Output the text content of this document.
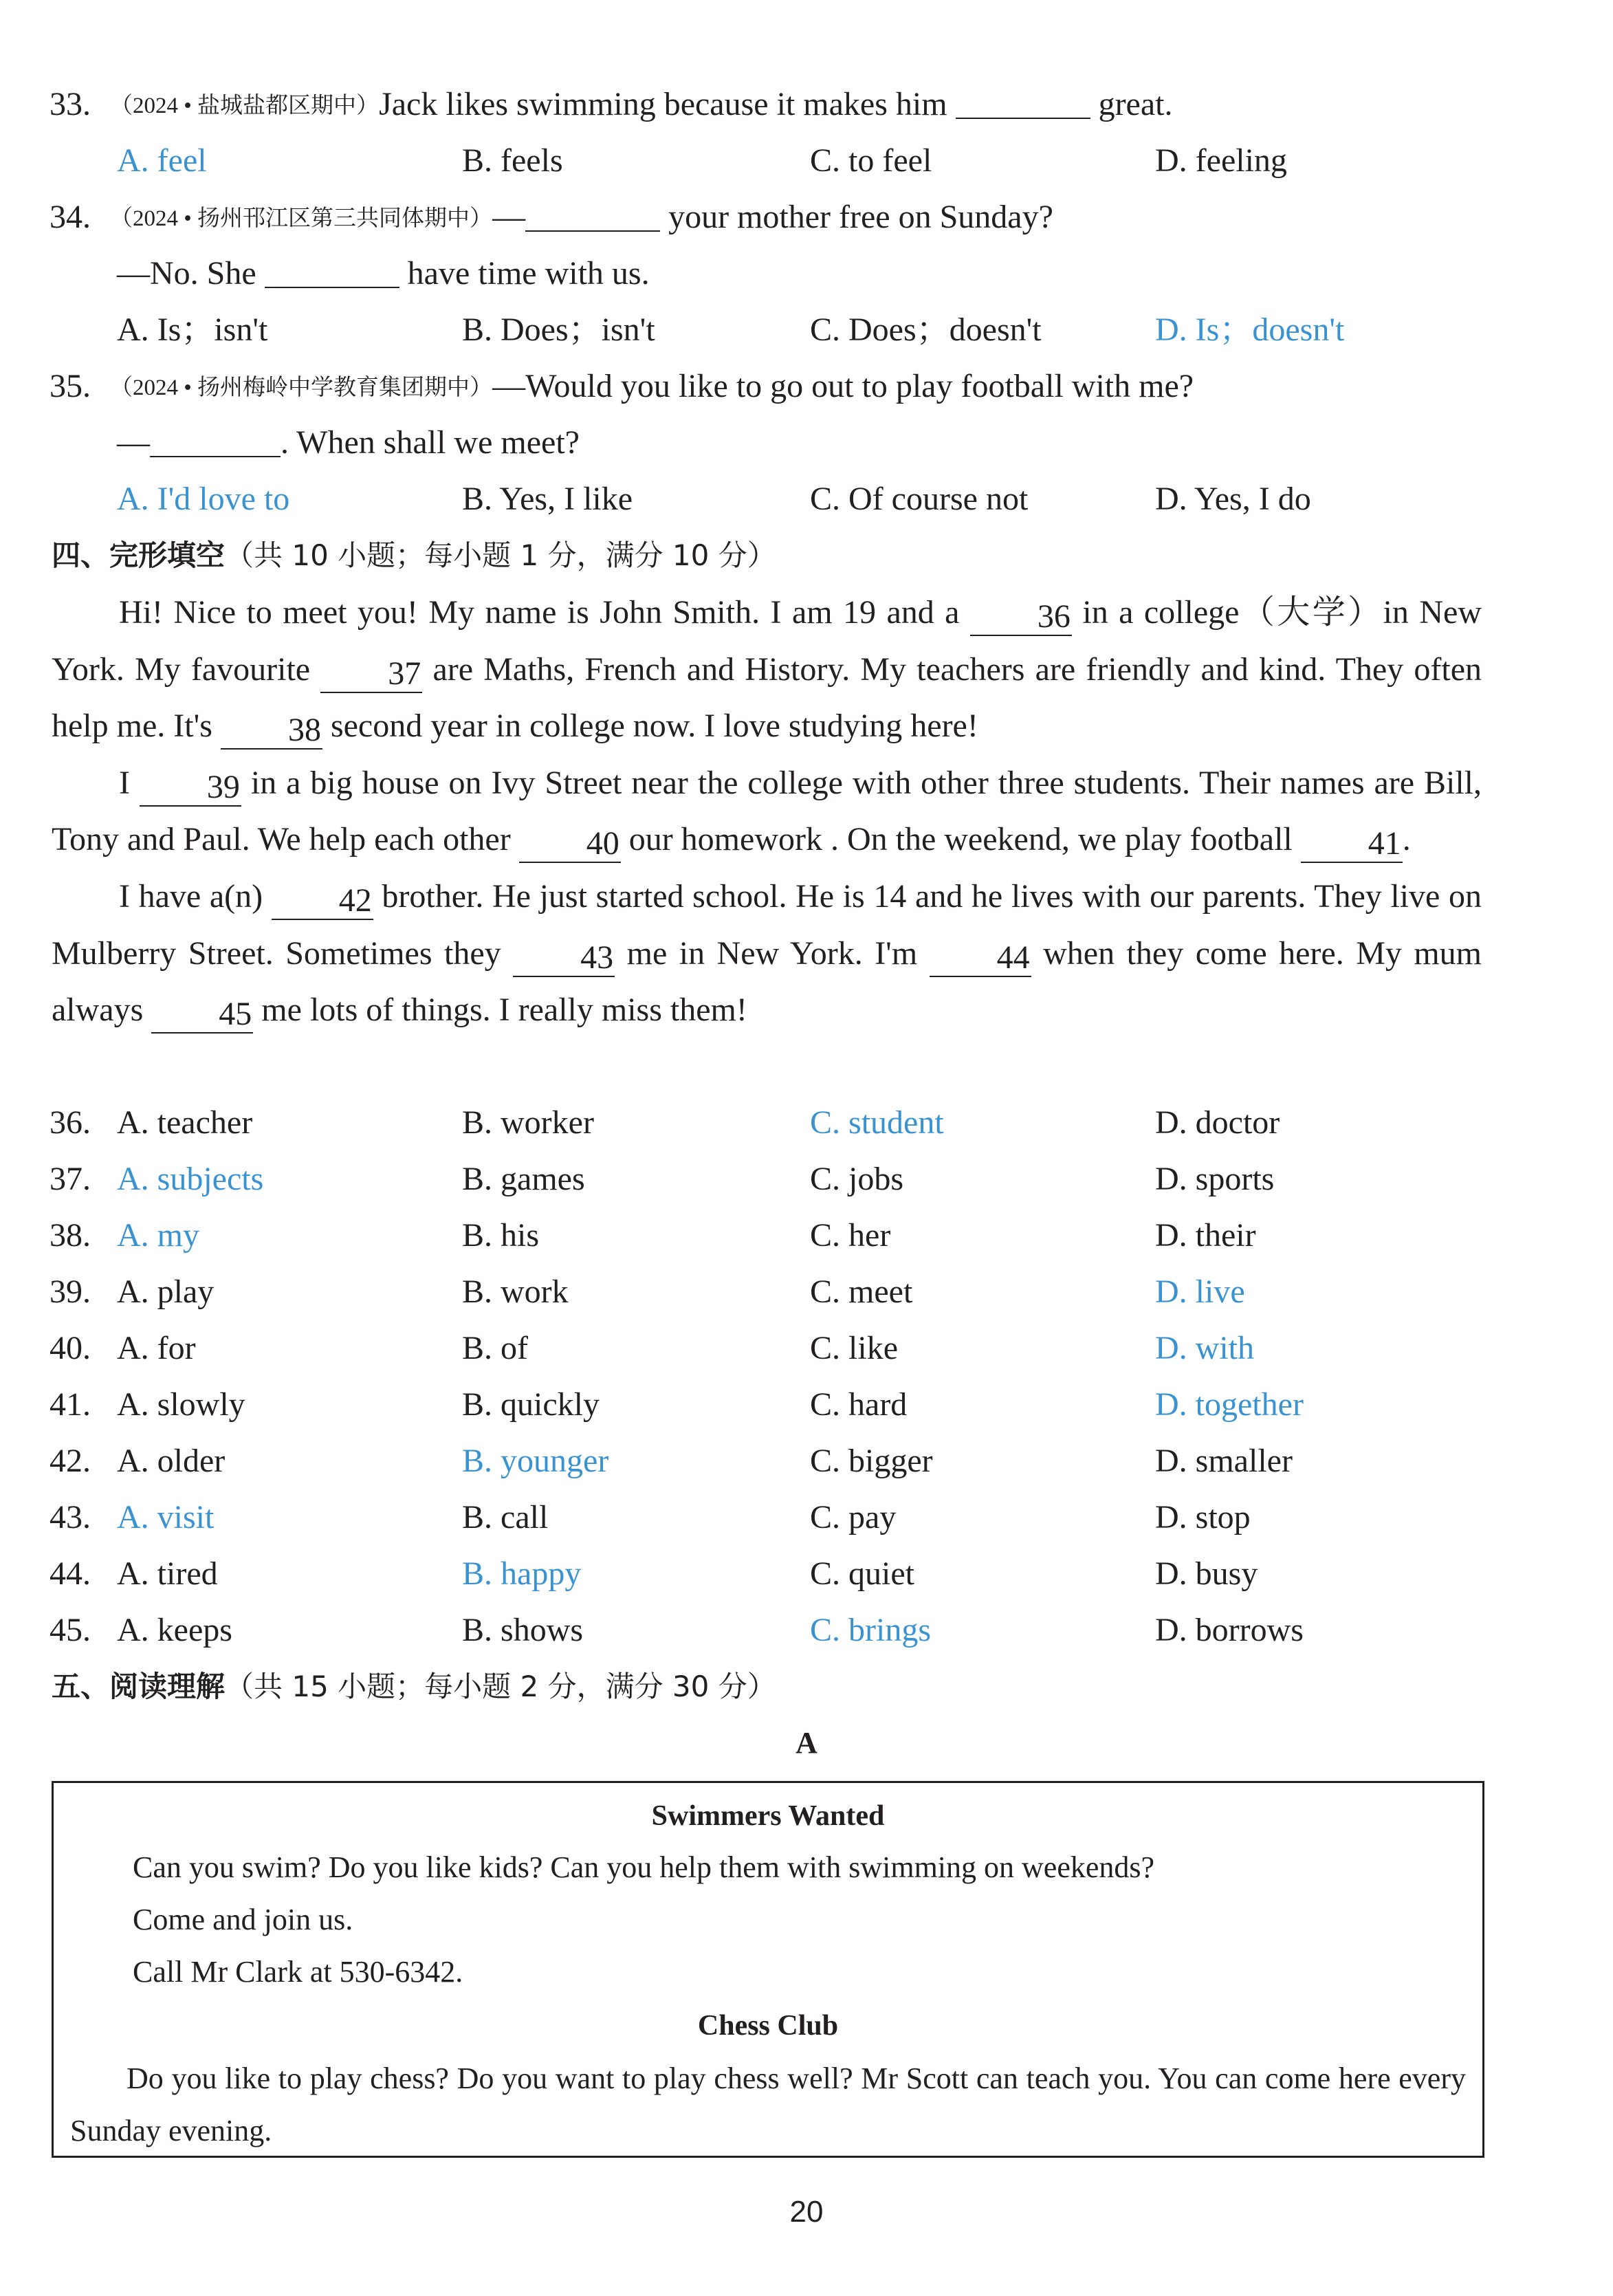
33. （2024 • 盐城盐都区期中）Jack likes swimming because it makes him	great.
A. feel	B. feels	C. to feel	D. feeling
34. （2024 • 扬州邗江区第三共同体期中）—	your mother free on Sunday?
—No. She	have time with us.
A. Is；isn't	B. Does；isn't	C. Does；doesn't	D. Is；doesn't
35. （2024 • 扬州梅岭中学教育集团期中）—Would you like to go out to play football with me?
—	. When shall we meet?
A. I'd love to	B. Yes, I like	C. Of course not	D. Yes, I do
四、完形填空（共 10 小题；每小题 1 分，满分 10 分）

Hi! Nice to meet you! My name is John Smith. I am 19 and a 36 in a college（大学）in New York. My favourite 37 are Maths, French and History. My teachers are friendly and kind. They often help me. It's 38 second year in college now. I love studying here!

I 39 in a big house on Ivy Street near the college with other three students. Their names are Bill, Tony and Paul. We help each other 40 our homework . On the weekend, we play football 41.

I have a(n) 42 brother. He just started school. He is 14 and he lives with our parents. They live on Mulberry Street. Sometimes they 43 me in New York. I'm 44 when they come here. My mum always 45 me lots of things. I really miss them!

36. A. teacher	B. worker	C. student	D. doctor
37. A. subjects	B. games	C. jobs	D. sports
38. A. my	B. his	C. her	D. their
39. A. play	B. work	C. meet	D. live
40. A. for	B. of	C. like	D. with
41. A. slowly	B. quickly	C. hard	D. together
42. A. older	B. younger	C. bigger	D. smaller
43. A. visit	B. call	C. pay	D. stop
44. A. tired	B. happy	C. quiet	D. busy
45. A. keeps	B. shows	C. brings	D. borrows
五、阅读理解（共 15 小题；每小题 2 分，满分 30 分）
A
Swimmers Wanted
Can you swim? Do you like kids? Can you help them with swimming on weekends?
Come and join us.
Call Mr Clark at 530-6342.
Chess Club

Do you like to play chess? Do you want to play chess well? Mr Scott can teach you. You can come here every Sunday evening.

20
